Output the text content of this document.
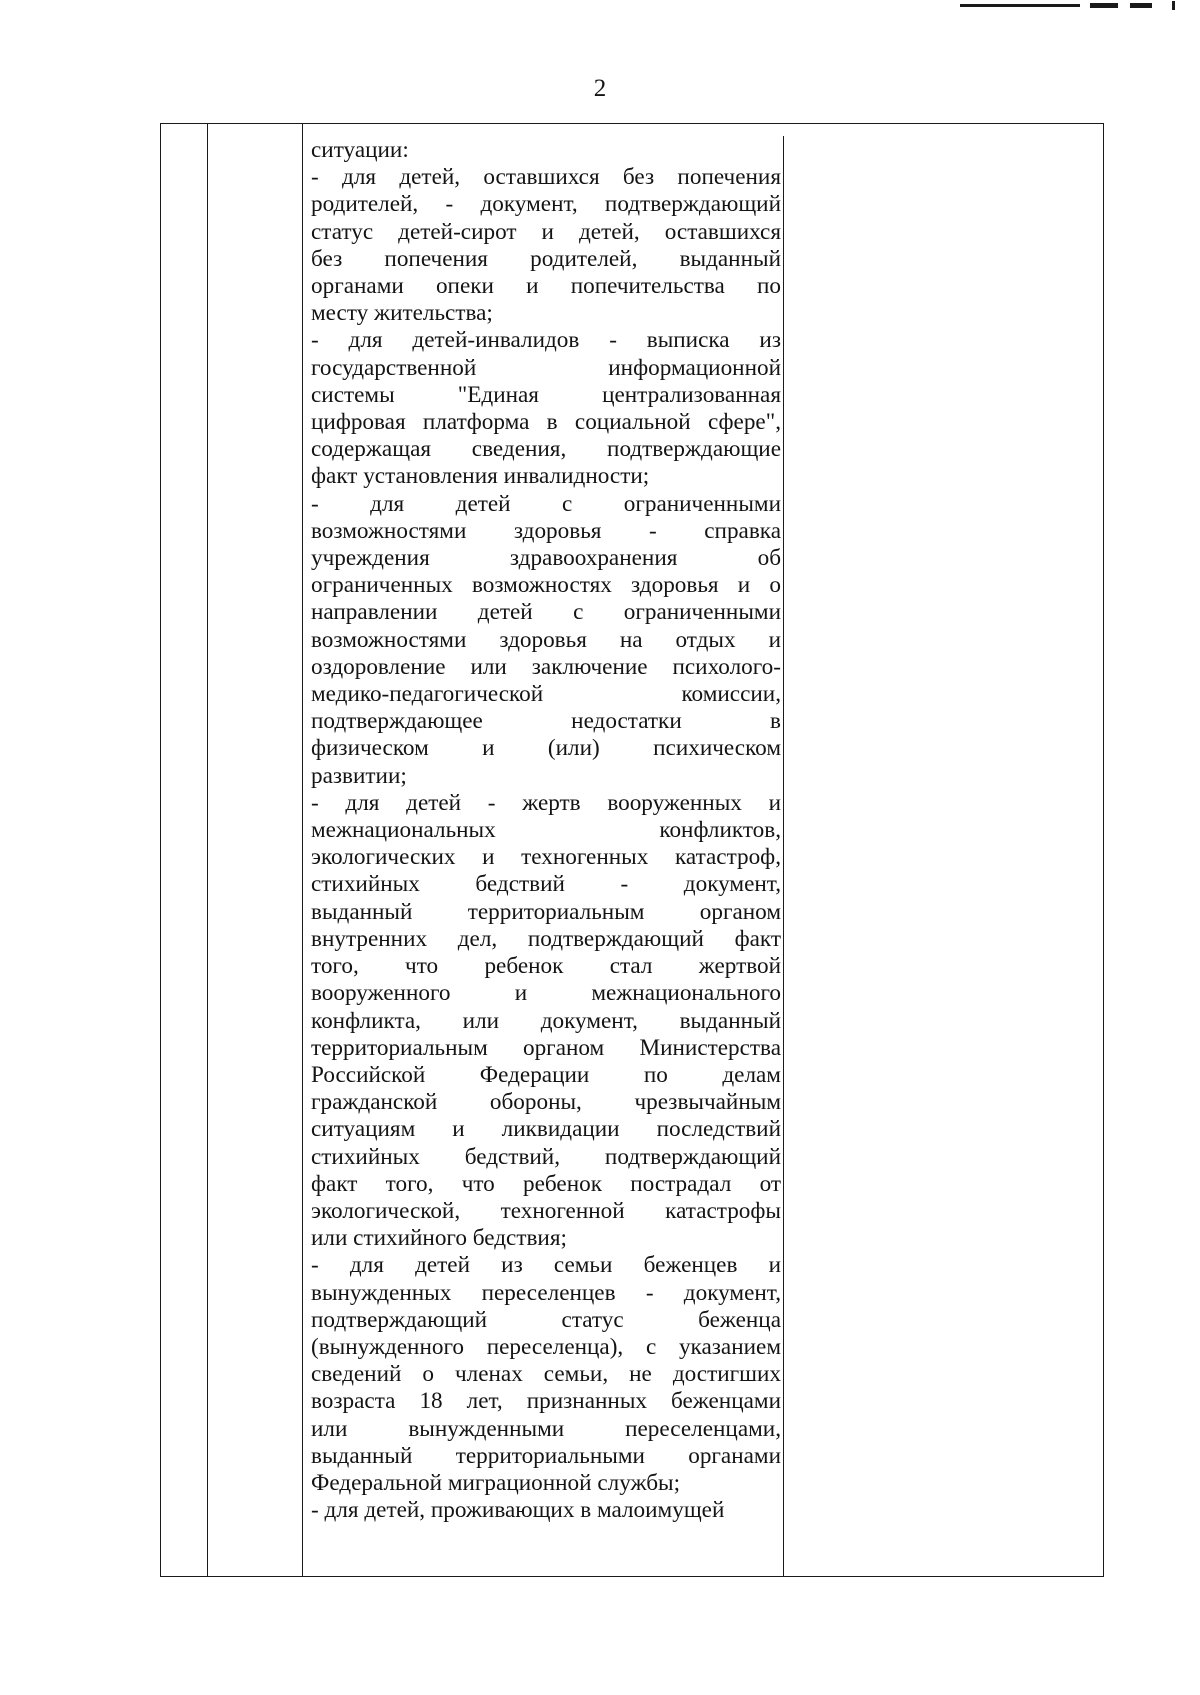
2
ситуации:
- для детей, оставшихся без попечения
родителей, - документ, подтверждающий
статус детей-сирот и детей, оставшихся
без попечения родителей, выданный
органами опеки и попечительства по
месту жительства;
- для детей-инвалидов - выписка из
государственной информационной
системы "Единая централизованная
цифровая платформа в социальной сфере",
содержащая сведения, подтверждающие
факт установления инвалидности;
- для детей с ограниченными
возможностями здоровья - справка
учреждения здравоохранения об
ограниченных возможностях здоровья и о
направлении детей с ограниченными
возможностями здоровья на отдых и
оздоровление или заключение психолого-
медико-педагогической комиссии,
подтверждающее недостатки в
физическом и (или) психическом
развитии;
- для детей - жертв вооруженных и
межнациональных конфликтов,
экологических и техногенных катастроф,
стихийных бедствий - документ,
выданный территориальным органом
внутренних дел, подтверждающий факт
того, что ребенок стал жертвой
вооруженного и межнационального
конфликта, или документ, выданный
территориальным органом Министерства
Российской Федерации по делам
гражданской обороны, чрезвычайным
ситуациям и ликвидации последствий
стихийных бедствий, подтверждающий
факт того, что ребенок пострадал от
экологической, техногенной катастрофы
или стихийного бедствия;
- для детей из семьи беженцев и
вынужденных переселенцев - документ,
подтверждающий статус беженца
(вынужденного переселенца), с указанием
сведений о членах семьи, не достигших
возраста 18 лет, признанных беженцами
или вынужденными переселенцами,
выданный территориальными органами
Федеральной миграционной службы;
- для детей, проживающих в малоимущей
